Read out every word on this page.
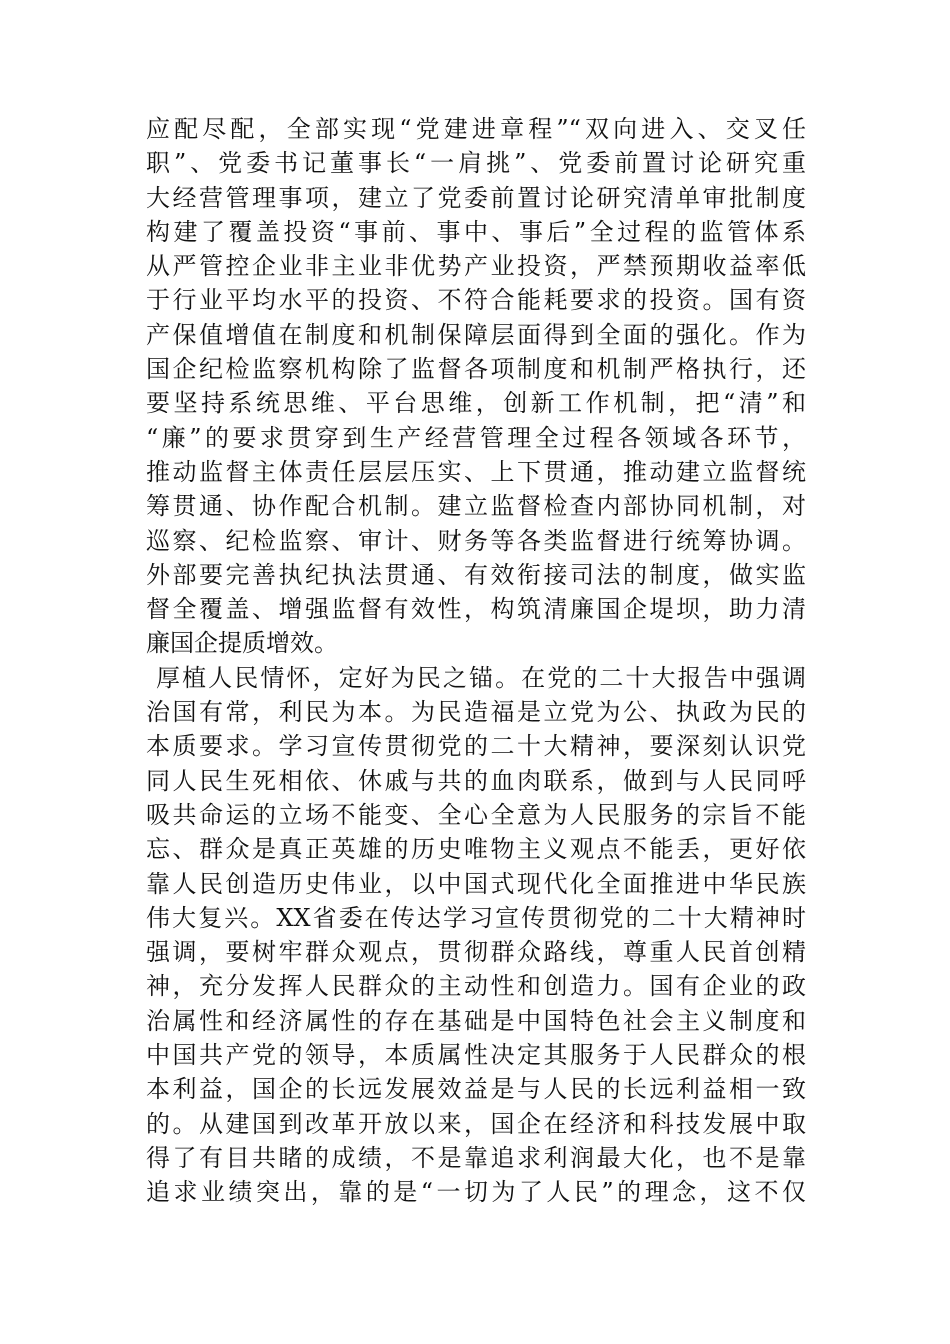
应配尽配，全部实现“党建进章程”“双向进入、交叉任
职”、党委书记董事长“一肩挑”、党委前置讨论研究重
大经营管理事项，建立了党委前置讨论研究清单审批制度
构建了覆盖投资“事前、事中、事后”全过程的监管体系
从严管控企业非主业非优势产业投资，严禁预期收益率低
于行业平均水平的投资、不符合能耗要求的投资。国有资
产保值增值在制度和机制保障层面得到全面的强化。作为
国企纪检监察机构除了监督各项制度和机制严格执行，还
要坚持系统思维、平台思维，创新工作机制，把“清”和
“廉”的要求贯穿到生产经营管理全过程各领域各环节，
推动监督主体责任层层压实、上下贯通，推动建立监督统
筹贯通、协作配合机制。建立监督检查内部协同机制，对
巡察、纪检监察、审计、财务等各类监督进行统筹协调。
外部要完善执纪执法贯通、有效衔接司法的制度，做实监
督全覆盖、增强监督有效性，构筑清廉国企堤坝，助力清
廉国企提质增效。
厚植人民情怀，定好为民之锚。在党的二十大报告中强调
治国有常，利民为本。为民造福是立党为公、执政为民的
本质要求。学习宣传贯彻党的二十大精神，要深刻认识党
同人民生死相依、休戚与共的血肉联系，做到与人民同呼
吸共命运的立场不能变、全心全意为人民服务的宗旨不能
忘、群众是真正英雄的历史唯物主义观点不能丢，更好依
靠人民创造历史伟业，以中国式现代化全面推进中华民族
伟大复兴。XX省委在传达学习宣传贯彻党的二十大精神时
强调，要树牢群众观点，贯彻群众路线，尊重人民首创精
神，充分发挥人民群众的主动性和创造力。国有企业的政
治属性和经济属性的存在基础是中国特色社会主义制度和
中国共产党的领导，本质属性决定其服务于人民群众的根
本利益，国企的长远发展效益是与人民的长远利益相一致
的。从建国到改革开放以来，国企在经济和科技发展中取
得了有目共睹的成绩，不是靠追求利润最大化，也不是靠
追求业绩突出，靠的是“一切为了人民”的理念，这不仅
